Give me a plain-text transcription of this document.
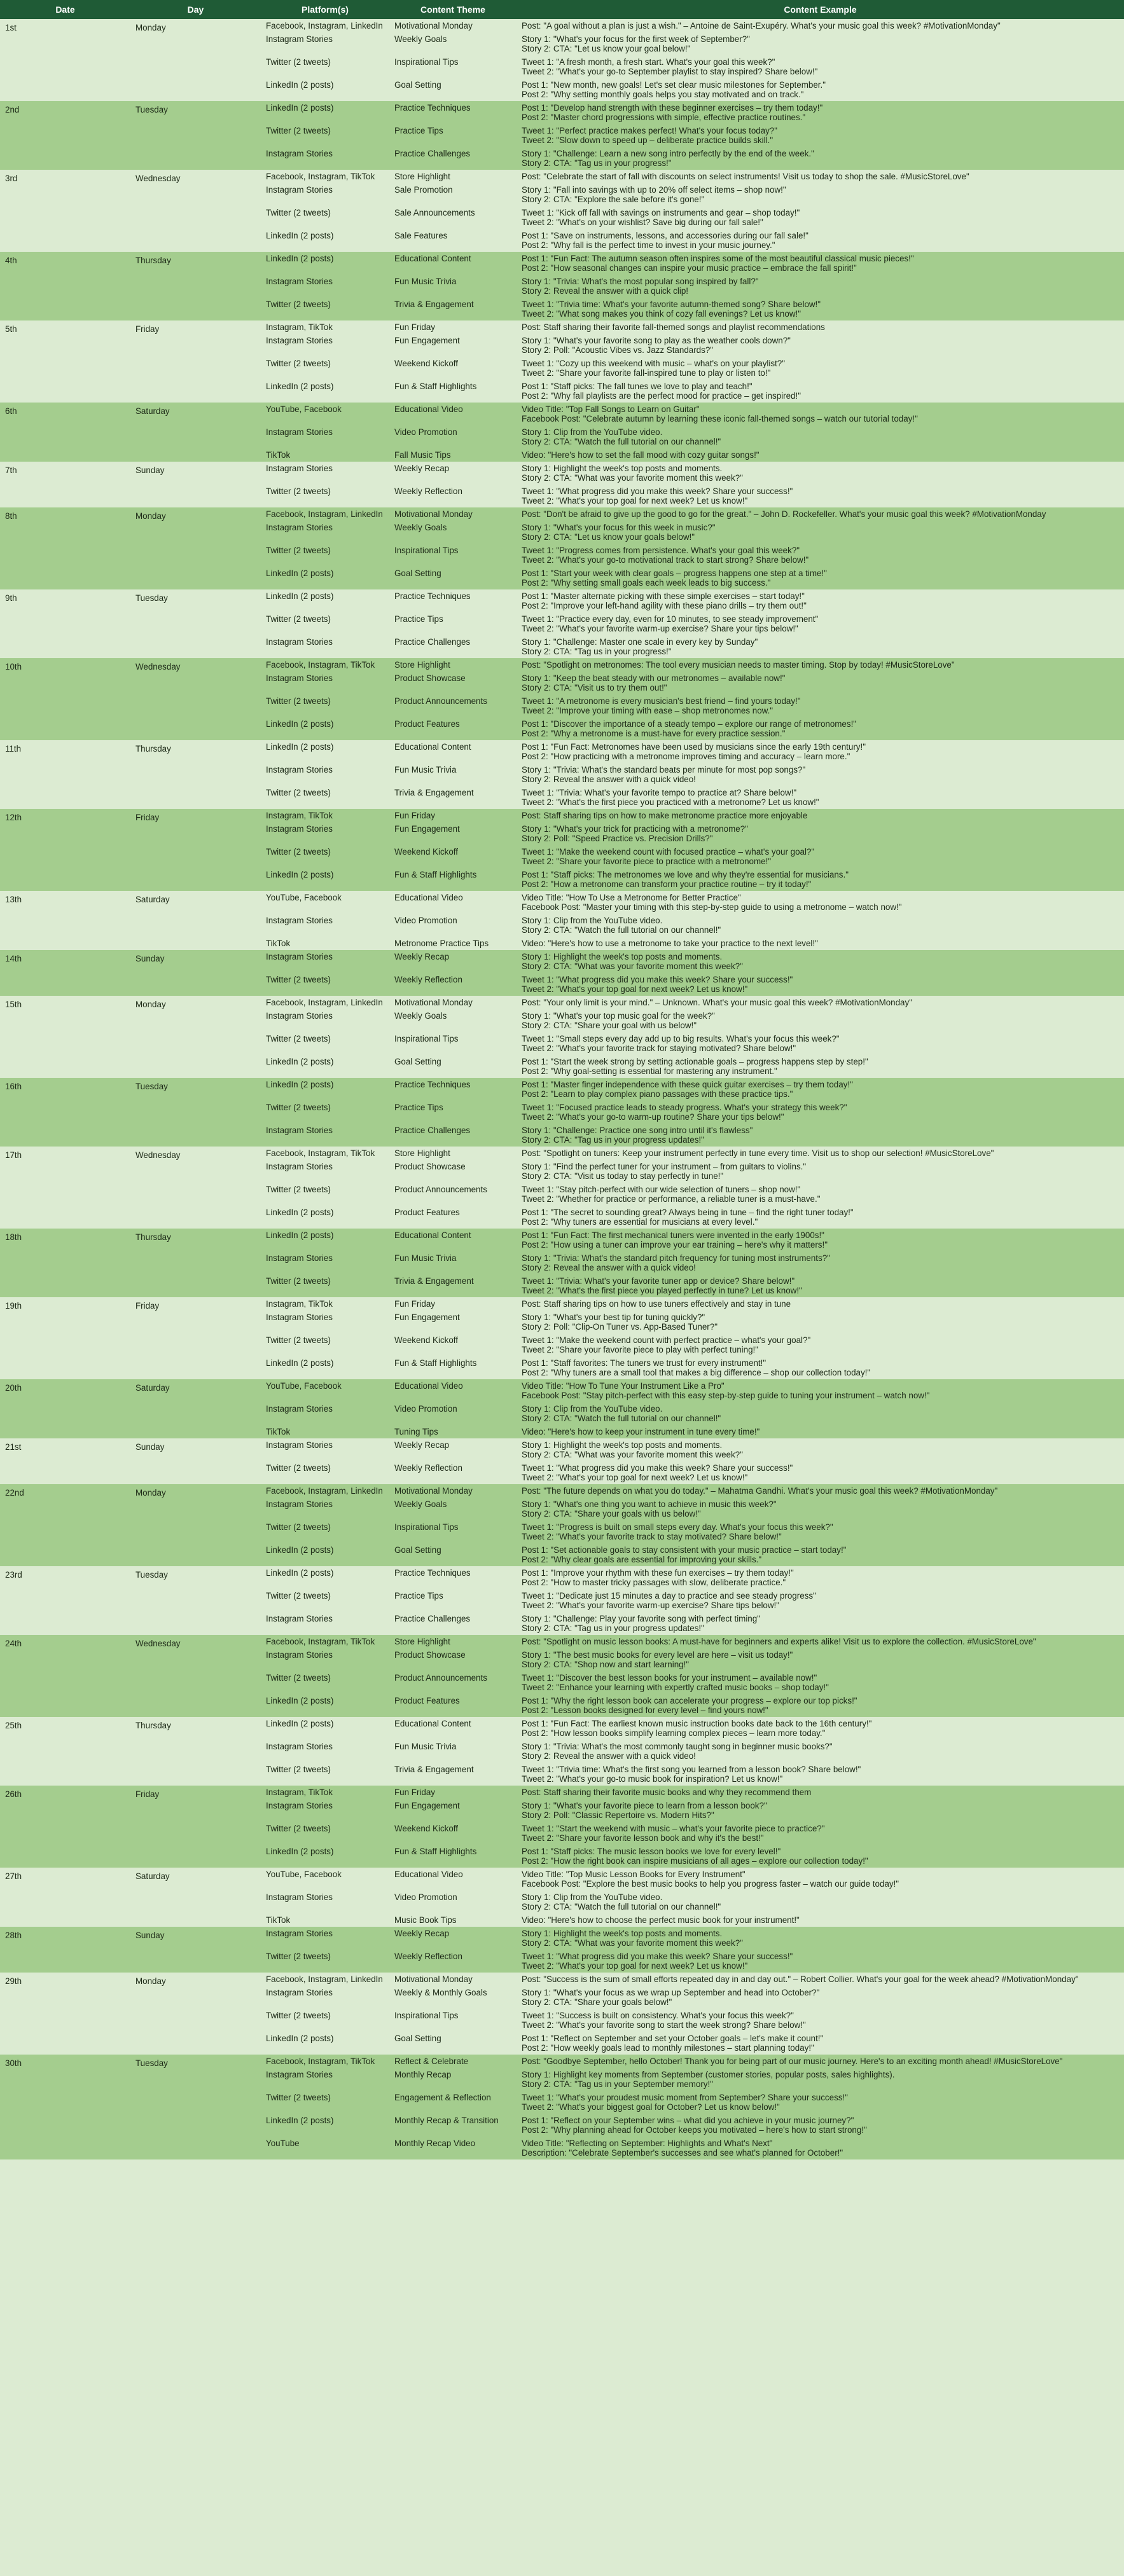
Date	Day	Platform(s)	Content Theme	Content Example
1st	Monday	Facebook, Instagram, LinkedIn	Motivational Monday	Post: "A goal without a plan is just a wish." – Antoine de Saint-Exupéry. What's your music goal this week? #MotivationMonday"

		Instagram Stories	Weekly Goals	Story 1: "What's your focus for the first week of September?"
Story 2: CTA: "Let us know your goal below!"

		Twitter (2 tweets)	Inspirational Tips	Tweet 1: "A fresh month, a fresh start. What's your goal this week?"
Tweet 2: "What's your go-to September playlist to stay inspired? Share below!"

		LinkedIn (2 posts)	Goal Setting	Post 1: "New month, new goals! Let's set clear music milestones for September."
Post 2: "Why setting monthly goals helps you stay motivated and on track."

2nd	Tuesday	LinkedIn (2 posts)	Practice Techniques	Post 1: "Develop hand strength with these beginner exercises – try them today!"
Post 2: "Master chord progressions with simple, effective practice routines."

		Twitter (2 tweets)	Practice Tips	Tweet 1: "Perfect practice makes perfect! What's your focus today?"
Tweet 2: "Slow down to speed up – deliberate practice builds skill."

		Instagram Stories	Practice Challenges	Story 1: "Challenge: Learn a new song intro perfectly by the end of the week."
Story 2: CTA: "Tag us in your progress!"

3rd	Wednesday	Facebook, Instagram, TikTok	Store Highlight	Post: "Celebrate the start of fall with discounts on select instruments! Visit us today to shop the sale. #MusicStoreLove"

		Instagram Stories	Sale Promotion	Story 1: "Fall into savings with up to 20% off select items – shop now!"
Story 2: CTA: "Explore the sale before it's gone!"

		Twitter (2 tweets)	Sale Announcements	Tweet 1: "Kick off fall with savings on instruments and gear – shop today!"
Tweet 2: "What's on your wishlist? Save big during our fall sale!"

		LinkedIn (2 posts)	Sale Features	Post 1: "Save on instruments, lessons, and accessories during our fall sale!"
Post 2: "Why fall is the perfect time to invest in your music journey."

4th	Thursday	LinkedIn (2 posts)	Educational Content	Post 1: "Fun Fact: The autumn season often inspires some of the most beautiful classical music pieces!"
Post 2: "How seasonal changes can inspire your music practice – embrace the fall spirit!"

		Instagram Stories	Fun Music Trivia	Story 1: "Trivia: What's the most popular song inspired by fall?"
Story 2: Reveal the answer with a quick clip!

		Twitter (2 tweets)	Trivia & Engagement	Tweet 1: "Trivia time: What's your favorite autumn-themed song? Share below!"
Tweet 2: "What song makes you think of cozy fall evenings? Let us know!"

5th	Friday	Instagram, TikTok	Fun Friday	Post: Staff sharing their favorite fall-themed songs and playlist recommendations

		Instagram Stories	Fun Engagement	Story 1: "What's your favorite song to play as the weather cools down?"
Story 2: Poll: "Acoustic Vibes vs. Jazz Standards?"

		Twitter (2 tweets)	Weekend Kickoff	Tweet 1: "Cozy up this weekend with music – what's on your playlist?"
Tweet 2: "Share your favorite fall-inspired tune to play or listen to!"

		LinkedIn (2 posts)	Fun & Staff Highlights	Post 1: "Staff picks: The fall tunes we love to play and teach!"
Post 2: "Why fall playlists are the perfect mood for practice – get inspired!"

6th	Saturday	YouTube, Facebook	Educational Video	Video Title: "Top Fall Songs to Learn on Guitar"
Facebook Post: "Celebrate autumn by learning these iconic fall-themed songs – watch our tutorial today!"

		Instagram Stories	Video Promotion	Story 1: Clip from the YouTube video.
Story 2: CTA: "Watch the full tutorial on our channel!"

		TikTok	Fall Music Tips	Video: "Here's how to set the fall mood with cozy guitar songs!"

7th	Sunday	Instagram Stories	Weekly Recap	Story 1: Highlight the week's top posts and moments.
Story 2: CTA: "What was your favorite moment this week?"

		Twitter (2 tweets)	Weekly Reflection	Tweet 1: "What progress did you make this week? Share your success!"
Tweet 2: "What's your top goal for next week? Let us know!"

8th	Monday	Facebook, Instagram, LinkedIn	Motivational Monday	Post: "Don't be afraid to give up the good to go for the great." – John D. Rockefeller. What's your music goal this week? #MotivationMonday

		Instagram Stories	Weekly Goals	Story 1: "What's your focus for this week in music?"
Story 2: CTA: "Let us know your goals below!"

		Twitter (2 tweets)	Inspirational Tips	Tweet 1: "Progress comes from persistence. What's your goal this week?"
Tweet 2: "What's your go-to motivational track to start strong? Share below!"

		LinkedIn (2 posts)	Goal Setting	Post 1: "Start your week with clear goals – progress happens one step at a time!"
Post 2: "Why setting small goals each week leads to big success."

9th	Tuesday	LinkedIn (2 posts)	Practice Techniques	Post 1: "Master alternate picking with these simple exercises – start today!"
Post 2: "Improve your left-hand agility with these piano drills – try them out!"

		Twitter (2 tweets)	Practice Tips	Tweet 1: "Practice every day, even for 10 minutes, to see steady improvement"
Tweet 2: "What's your favorite warm-up exercise? Share your tips below!"

		Instagram Stories	Practice Challenges	Story 1: "Challenge: Master one scale in every key by Sunday"
Story 2: CTA: "Tag us in your progress!"

10th	Wednesday	Facebook, Instagram, TikTok	Store Highlight	Post: "Spotlight on metronomes: The tool every musician needs to master timing. Stop by today! #MusicStoreLove"

		Instagram Stories	Product Showcase	Story 1: "Keep the beat steady with our metronomes – available now!"
Story 2: CTA: "Visit us to try them out!"

		Twitter (2 tweets)	Product Announcements	Tweet 1: "A metronome is every musician's best friend – find yours today!"
Tweet 2: "Improve your timing with ease – shop metronomes now."

		LinkedIn (2 posts)	Product Features	Post 1: "Discover the importance of a steady tempo – explore our range of metronomes!"
Post 2: "Why a metronome is a must-have for every practice session."

11th	Thursday	LinkedIn (2 posts)	Educational Content	Post 1: "Fun Fact: Metronomes have been used by musicians since the early 19th century!"
Post 2: "How practicing with a metronome improves timing and accuracy – learn more."

		Instagram Stories	Fun Music Trivia	Story 1: "Trivia: What's the standard beats per minute for most pop songs?"
Story 2: Reveal the answer with a quick video!

		Twitter (2 tweets)	Trivia & Engagement	Tweet 1: "Trivia: What's your favorite tempo to practice at? Share below!"
Tweet 2: "What's the first piece you practiced with a metronome? Let us know!"

12th	Friday	Instagram, TikTok	Fun Friday	Post: Staff sharing tips on how to make metronome practice more enjoyable

		Instagram Stories	Fun Engagement	Story 1: "What's your trick for practicing with a metronome?"
Story 2: Poll: "Speed Practice vs. Precision Drills?"

		Twitter (2 tweets)	Weekend Kickoff	Tweet 1: "Make the weekend count with focused practice – what's your goal?"
Tweet 2: "Share your favorite piece to practice with a metronome!"

		LinkedIn (2 posts)	Fun & Staff Highlights	Post 1: "Staff picks: The metronomes we love and why they're essential for musicians."
Post 2: "How a metronome can transform your practice routine – try it today!"

13th	Saturday	YouTube, Facebook	Educational Video	Video Title: "How To Use a Metronome for Better Practice"
Facebook Post: "Master your timing with this step-by-step guide to using a metronome – watch now!"

		Instagram Stories	Video Promotion	Story 1: Clip from the YouTube video.
Story 2: CTA: "Watch the full tutorial on our channel!"

		TikTok	Metronome Practice Tips	Video: "Here's how to use a metronome to take your practice to the next level!"

14th	Sunday	Instagram Stories	Weekly Recap	Story 1: Highlight the week's top posts and moments.
Story 2: CTA: "What was your favorite moment this week?"

		Twitter (2 tweets)	Weekly Reflection	Tweet 1: "What progress did you make this week? Share your success!"
Tweet 2: "What's your top goal for next week? Let us know!"

15th	Monday	Facebook, Instagram, LinkedIn	Motivational Monday	Post: "Your only limit is your mind." – Unknown. What's your music goal this week? #MotivationMonday"

		Instagram Stories	Weekly Goals	Story 1: "What's your top music goal for the week?"
Story 2: CTA: "Share your goal with us below!"

		Twitter (2 tweets)	Inspirational Tips	Tweet 1: "Small steps every day add up to big results. What's your focus this week?"
Tweet 2: "What's your favorite track for staying motivated? Share below!"

		LinkedIn (2 posts)	Goal Setting	Post 1: "Start the week strong by setting actionable goals – progress happens step by step!"
Post 2: "Why goal-setting is essential for mastering any instrument."

16th	Tuesday	LinkedIn (2 posts)	Practice Techniques	Post 1: "Master finger independence with these quick guitar exercises – try them today!"
Post 2: "Learn to play complex piano passages with these practice tips."

		Twitter (2 tweets)	Practice Tips	Tweet 1: "Focused practice leads to steady progress. What's your strategy this week?"
Tweet 2: "What's your go-to warm-up routine? Share your tips below!"

		Instagram Stories	Practice Challenges	Story 1: "Challenge: Practice one song intro until it's flawless"
Story 2: CTA: "Tag us in your progress updates!"

17th	Wednesday	Facebook, Instagram, TikTok	Store Highlight	Post: "Spotlight on tuners: Keep your instrument perfectly in tune every time. Visit us to shop our selection! #MusicStoreLove"

		Instagram Stories	Product Showcase	Story 1: "Find the perfect tuner for your instrument – from guitars to violins."
Story 2: CTA: "Visit us today to stay perfectly in tune!"

		Twitter (2 tweets)	Product Announcements	Tweet 1: "Stay pitch-perfect with our wide selection of tuners – shop now!"
Tweet 2: "Whether for practice or performance, a reliable tuner is a must-have."

		LinkedIn (2 posts)	Product Features	Post 1: "The secret to sounding great? Always being in tune – find the right tuner today!"
Post 2: "Why tuners are essential for musicians at every level."

18th	Thursday	LinkedIn (2 posts)	Educational Content	Post 1: "Fun Fact: The first mechanical tuners were invented in the early 1900s!"
Post 2: "How using a tuner can improve your ear training – here's why it matters!"

		Instagram Stories	Fun Music Trivia	Story 1: "Trivia: What's the standard pitch frequency for tuning most instruments?"
Story 2: Reveal the answer with a quick video!

		Twitter (2 tweets)	Trivia & Engagement	Tweet 1: "Trivia: What's your favorite tuner app or device? Share below!"
Tweet 2: "What's the first piece you played perfectly in tune? Let us know!"

19th	Friday	Instagram, TikTok	Fun Friday	Post: Staff sharing tips on how to use tuners effectively and stay in tune

		Instagram Stories	Fun Engagement	Story 1: "What's your best tip for tuning quickly?"
Story 2: Poll: "Clip-On Tuner vs. App-Based Tuner?"

		Twitter (2 tweets)	Weekend Kickoff	Tweet 1: "Make the weekend count with perfect practice – what's your goal?"
Tweet 2: "Share your favorite piece to play with perfect tuning!"

		LinkedIn (2 posts)	Fun & Staff Highlights	Post 1: "Staff favorites: The tuners we trust for every instrument!"
Post 2: "Why tuners are a small tool that makes a big difference – shop our collection today!"

20th	Saturday	YouTube, Facebook	Educational Video	Video Title: "How To Tune Your Instrument Like a Pro"
Facebook Post: "Stay pitch-perfect with this easy step-by-step guide to tuning your instrument – watch now!"

		Instagram Stories	Video Promotion	Story 1: Clip from the YouTube video.
Story 2: CTA: "Watch the full tutorial on our channel!"

		TikTok	Tuning Tips	Video: "Here's how to keep your instrument in tune every time!"

21st	Sunday	Instagram Stories	Weekly Recap	Story 1: Highlight the week's top posts and moments.
Story 2: CTA: "What was your favorite moment this week?"

		Twitter (2 tweets)	Weekly Reflection	Tweet 1: "What progress did you make this week? Share your success!"
Tweet 2: "What's your top goal for next week? Let us know!"

22nd	Monday	Facebook, Instagram, LinkedIn	Motivational Monday	Post: "The future depends on what you do today." – Mahatma Gandhi. What's your music goal this week? #MotivationMonday"

		Instagram Stories	Weekly Goals	Story 1: "What's one thing you want to achieve in music this week?"
Story 2: CTA: "Share your goals with us below!"

		Twitter (2 tweets)	Inspirational Tips	Tweet 1: "Progress is built on small steps every day. What's your focus this week?"
Tweet 2: "What's your favorite track to stay motivated? Share below!"

		LinkedIn (2 posts)	Goal Setting	Post 1: "Set actionable goals to stay consistent with your music practice – start today!"
Post 2: "Why clear goals are essential for improving your skills."

23rd	Tuesday	LinkedIn (2 posts)	Practice Techniques	Post 1: "Improve your rhythm with these fun exercises – try them today!"
Post 2: "How to master tricky passages with slow, deliberate practice."

		Twitter (2 tweets)	Practice Tips	Tweet 1: "Dedicate just 15 minutes a day to practice and see steady progress"
Tweet 2: "What's your favorite warm-up exercise? Share tips below!"

		Instagram Stories	Practice Challenges	Story 1: "Challenge: Play your favorite song with perfect timing"
Story 2: CTA: "Tag us in your progress updates!"

24th	Wednesday	Facebook, Instagram, TikTok	Store Highlight	Post: "Spotlight on music lesson books: A must-have for beginners and experts alike! Visit us to explore the collection. #MusicStoreLove"

		Instagram Stories	Product Showcase	Story 1: "The best music books for every level are here – visit us today!"
Story 2: CTA: "Shop now and start learning!"

		Twitter (2 tweets)	Product Announcements	Tweet 1: "Discover the best lesson books for your instrument – available now!"
Tweet 2: "Enhance your learning with expertly crafted music books – shop today!"

		LinkedIn (2 posts)	Product Features	Post 1: "Why the right lesson book can accelerate your progress – explore our top picks!"
Post 2: "Lesson books designed for every level – find yours now!"

25th	Thursday	LinkedIn (2 posts)	Educational Content	Post 1: "Fun Fact: The earliest known music instruction books date back to the 16th century!"
Post 2: "How lesson books simplify learning complex pieces – learn more today."

		Instagram Stories	Fun Music Trivia	Story 1: "Trivia: What's the most commonly taught song in beginner music books?"
Story 2: Reveal the answer with a quick video!

		Twitter (2 tweets)	Trivia & Engagement	Tweet 1: "Trivia time: What's the first song you learned from a lesson book? Share below!"
Tweet 2: "What's your go-to music book for inspiration? Let us know!"

26th	Friday	Instagram, TikTok	Fun Friday	Post: Staff sharing their favorite music books and why they recommend them

		Instagram Stories	Fun Engagement	Story 1: "What's your favorite piece to learn from a lesson book?"
Story 2: Poll: "Classic Repertoire vs. Modern Hits?"

		Twitter (2 tweets)	Weekend Kickoff	Tweet 1: "Start the weekend with music – what's your favorite piece to practice?"
Tweet 2: "Share your favorite lesson book and why it's the best!"

		LinkedIn (2 posts)	Fun & Staff Highlights	Post 1: "Staff picks: The music lesson books we love for every level!"
Post 2: "How the right book can inspire musicians of all ages – explore our collection today!"

27th	Saturday	YouTube, Facebook	Educational Video	Video Title: "Top Music Lesson Books for Every Instrument"
Facebook Post: "Explore the best music books to help you progress faster – watch our guide today!"

		Instagram Stories	Video Promotion	Story 1: Clip from the YouTube video.
Story 2: CTA: "Watch the full tutorial on our channel!"

		TikTok	Music Book Tips	Video: "Here's how to choose the perfect music book for your instrument!"

28th	Sunday	Instagram Stories	Weekly Recap	Story 1: Highlight the week's top posts and moments.
Story 2: CTA: "What was your favorite moment this week?"

		Twitter (2 tweets)	Weekly Reflection	Tweet 1: "What progress did you make this week? Share your success!"
Tweet 2: "What's your top goal for next week? Let us know!"

29th	Monday	Facebook, Instagram, LinkedIn	Motivational Monday	Post: "Success is the sum of small efforts repeated day in and day out." – Robert Collier. What's your goal for the week ahead? #MotivationMonday"

		Instagram Stories	Weekly & Monthly Goals	Story 1: "What's your focus as we wrap up September and head into October?"
Story 2: CTA: "Share your goals below!"

		Twitter (2 tweets)	Inspirational Tips	Tweet 1: "Success is built on consistency. What's your focus this week?"
Tweet 2: "What's your favorite song to start the week strong? Share below!"

		LinkedIn (2 posts)	Goal Setting	Post 1: "Reflect on September and set your October goals – let's make it count!"
Post 2: "How weekly goals lead to monthly milestones – start planning today!"

30th	Tuesday	Facebook, Instagram, TikTok	Reflect & Celebrate	Post: "Goodbye September, hello October! Thank you for being part of our music journey. Here's to an exciting month ahead! #MusicStoreLove"

		Instagram Stories	Monthly Recap	Story 1: Highlight key moments from September (customer stories, popular posts, sales highlights).
Story 2: CTA: "Tag us in your September memory!"

		Twitter (2 tweets)	Engagement & Reflection	Tweet 1: "What's your proudest music moment from September? Share your success!"
Tweet 2: "What's your biggest goal for October? Let us know below!"

		LinkedIn (2 posts)	Monthly Recap & Transition	Post 1: "Reflect on your September wins – what did you achieve in your music journey?"
Post 2: "Why planning ahead for October keeps you motivated – here's how to start strong!"

		YouTube	Monthly Recap Video	Video Title: "Reflecting on September: Highlights and What's Next"
Description: "Celebrate September's successes and see what's planned for October!"
